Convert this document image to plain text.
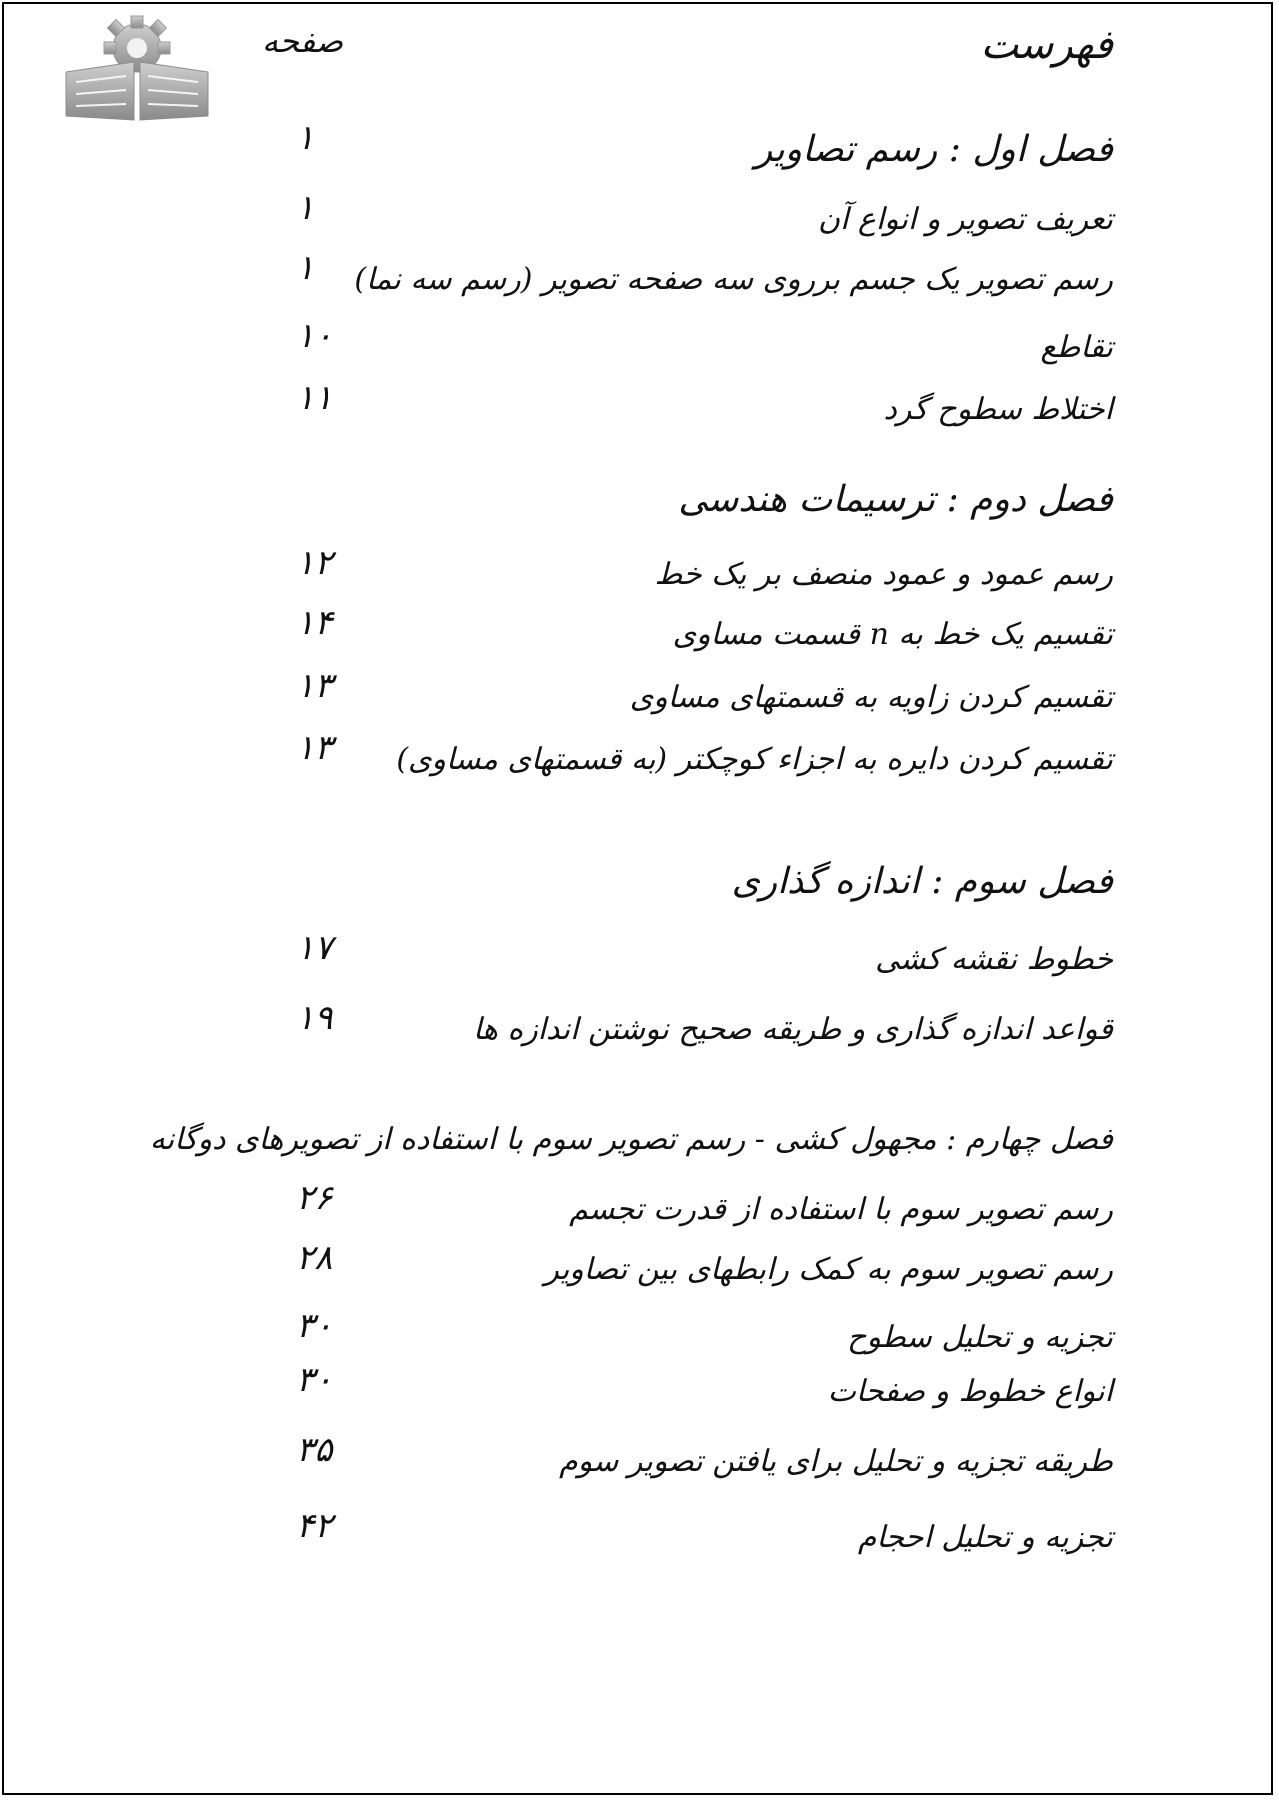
فهرست
صفحه
فصل اول : رسم تصاویر
۱
تعریف تصویر و انواع آن
۱
رسم تصویر یک جسم برروی سه صفحه تصویر (رسم سه نما)
۱
تقاطع
۱۰
اختلاط سطوح گرد
۱۱
فصل دوم : ترسیمات هندسی
رسم عمود و عمود منصف بر یک خط
۱۲
تقسیم یک خط به n قسمت مساوی
۱۴
تقسیم کردن زاویه به قسمتهای مساوی
۱۳
تقسیم کردن دایره به اجزاء کوچکتر (به قسمتهای مساوی)
۱۳
فصل سوم : اندازه گذاری
خطوط نقشه کشی
۱۷
قواعد اندازه گذاری و طریقه صحیح نوشتن اندازه ها
۱۹
فصل چهارم : مجهول کشی - رسم تصویر سوم با استفاده از تصویرهای دوگانه
رسم تصویر سوم با استفاده از قدرت تجسم
۲۶
رسم تصویر سوم به کمک رابطهای بین تصاویر
۲۸
تجزیه و تحلیل سطوح
۳۰
انواع خطوط و صفحات
۳۰
طریقه تجزیه و تحلیل برای یافتن تصویر سوم
۳۵
تجزیه و تحلیل احجام
۴۲
